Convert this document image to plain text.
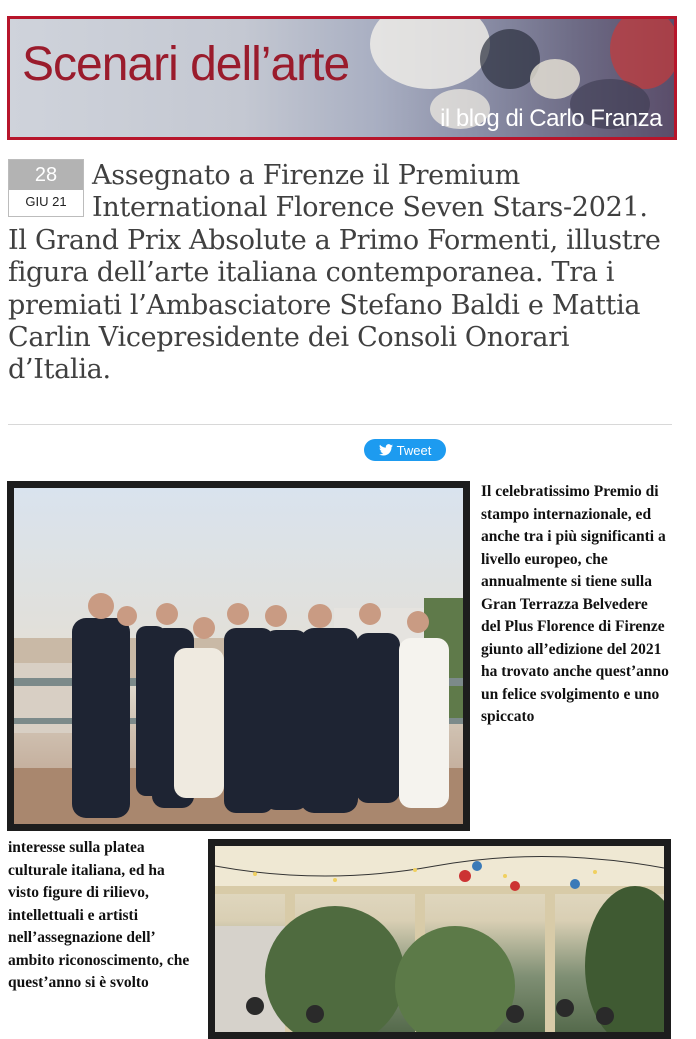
Scenari dell’arte
il blog di Carlo Franza
28
GIU 21
Assegnato a Firenze il Premium International Florence Seven Stars-2021. Il Grand Prix Absolute a Primo Formenti, illustre figura dell’arte italiana contemporanea. Tra i premiati l’Ambasciatore Stefano Baldi e Mattia Carlin Vicepresidente dei Consoli Onorari d’Italia.
Tweet

Il celebratissimo Premio di stampo internazionale, ed anche tra i più significanti a livello europeo, che annualmente si tiene sulla Gran Terrazza Belvedere del Plus Florence di Firenze giunto all’edizione del 2021 ha trovato anche quest’anno un felice svolgimento e uno spiccato

interesse sulla platea culturale italiana, ed ha visto figure di rilievo, intellettuali e artisti nell’assegnazione dell’ ambito riconoscimento, che quest’anno si è svolto
